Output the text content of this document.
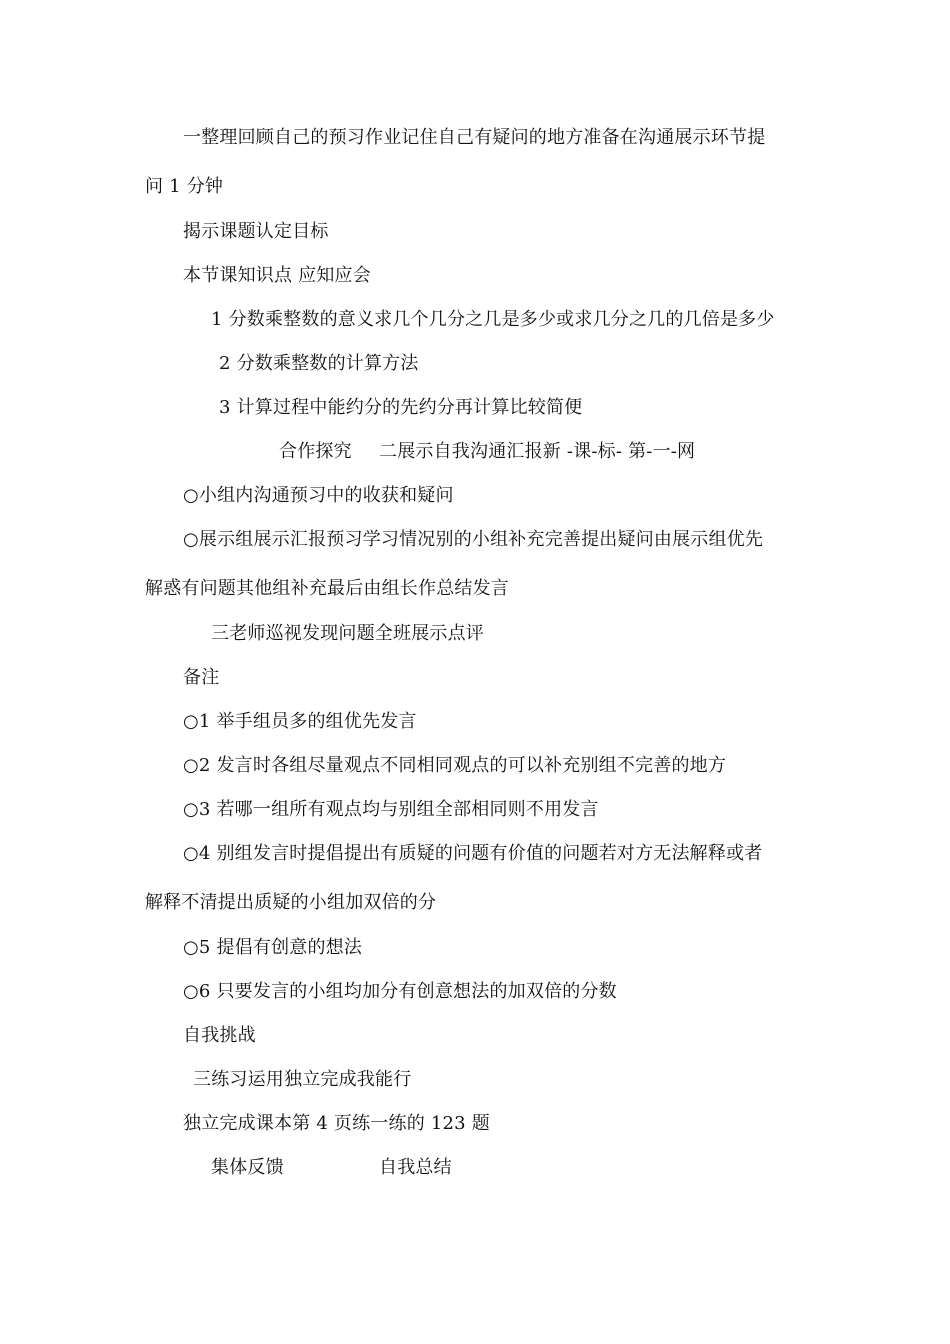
一整理回顾自己的预习作业记住自己有疑问的地方准备在沟通展示环节提
问 1 分钟
揭示课题认定目标
本节课知识点 应知应会
1 分数乘整数的意义求几个几分之几是多少或求几分之几的几倍是多少
2 分数乘整数的计算方法
3 计算过程中能约分的先约分再计算比较简便
合作探究 二展示自我沟通汇报新 -课-标- 第-一-网
○小组内沟通预习中的收获和疑问
○展示组展示汇报预习学习情况别的小组补充完善提出疑问由展示组优先
解惑有问题其他组补充最后由组长作总结发言
三老师巡视发现问题全班展示点评
备注
○1 举手组员多的组优先发言
○2 发言时各组尽量观点不同相同观点的可以补充别组不完善的地方
○3 若哪一组所有观点均与别组全部相同则不用发言
○4 别组发言时提倡提出有质疑的问题有价值的问题若对方无法解释或者
解释不清提出质疑的小组加双倍的分
○5 提倡有创意的想法
○6 只要发言的小组均加分有创意想法的加双倍的分数
自我挑战
三练习运用独立完成我能行
独立完成课本第 4 页练一练的 123 题
集体反馈	自我总结
